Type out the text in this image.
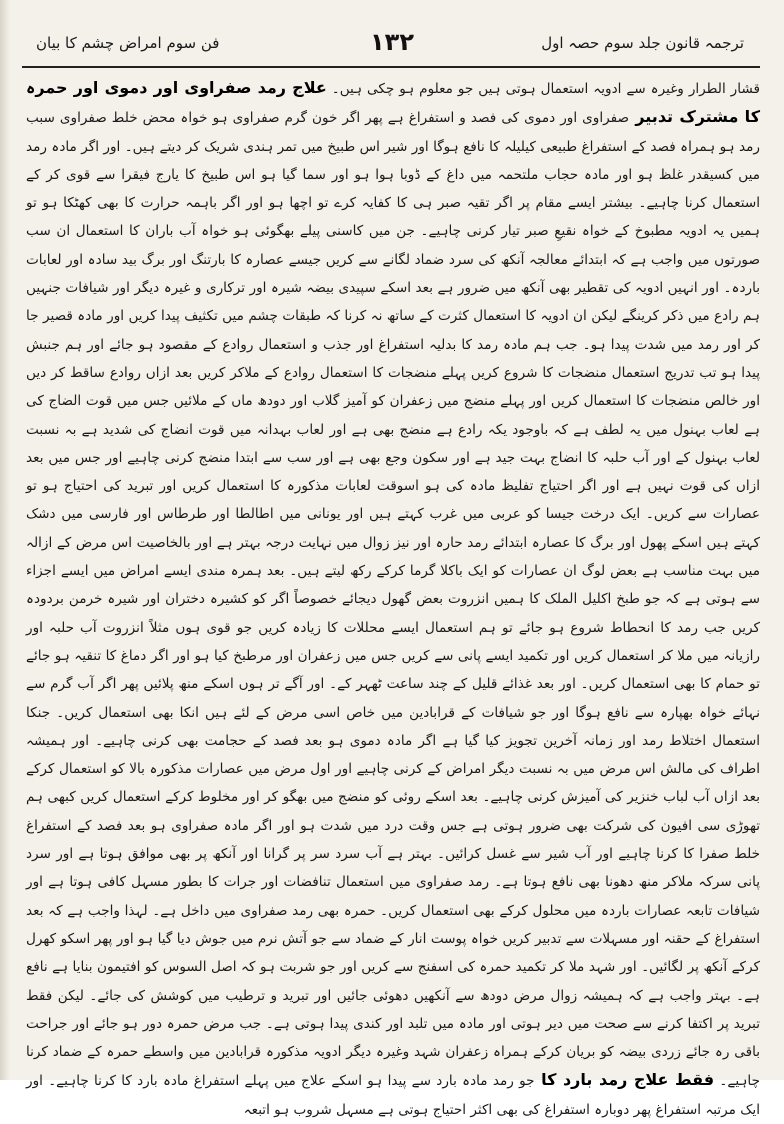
ترجمہ قانون جلد سوم حصہ اول
۱۳۲
فن سوم امراض چشم کا بیان

قشار الطرار وغیرہ سے ادویہ استعمال ہوتی ہیں جو معلوم ہو چکی ہیں۔ علاج رمد صفراوی اور دموی اور حمرہ کا مشترک تدبیر صفراوی اور دموی کی فصد و استفراغ ہے پھر اگر خون گرم صفراوی ہو خواہ محض خلط صفراوی سبب رمد ہو ہمراہ فصد کے استفراغ طبیعی کیلیلہ کا نافع ہوگا اور شیر اس طبیخ میں تمر ہندی شریک کر دیتے ہیں۔ اور اگر مادہ رمد میں کسیقدر غلظ ہو اور مادہ حجاب ملتحمہ میں داغ کے ڈوبا ہوا ہو اور سما گیا ہو اس طبیخ کا یارج فیقرا سے قوی کر کے استعمال کرنا چاہیے۔ بیشتر ایسے مقام پر اگر تقیہ صبر ہی کا کفایہ کرے تو اچھا ہو اور اگر باہمہ حرارت کا بھی کھٹکا ہو تو ہمیں یہ ادویہ مطبوخ کے خواہ نقیعِ صبر تیار کرنی چاہیے۔ جن میں کاسنی پیلے بھگوئی ہو خواہ آب باران کا استعمال ان سب صورتوں میں واجب ہے کہ ابتدائے معالجہ آنکھ کی سرد ضماد لگانے سے کریں جیسے عصارہ کا بارتنگ اور برگ بید سادہ اور لعابات باردہ۔ اور انہیں ادویہ کی تقطیر بھی آنکھ میں ضرور ہے بعد اسکے سپیدی بیضہ شیرہ اور ترکاری و غیرہ دیگر اور شیافات جنہیں ہم رادع میں ذکر کرینگے لیکن ان ادویہ کا استعمال کثرت کے ساتھ نہ کرنا کہ طبقات چشم میں تکثیف پیدا کریں اور مادہ قصیر جا کر اور رمد میں شدت پیدا ہو۔ جب ہم مادہ رمد کا بدلیہ استفراغ اور جذب و استعمال روادع کے مقصود ہو جائے اور ہم جنبش پیدا ہو تب تدریج استعمال منضجات کا شروع کریں پہلے منضجات کا استعمال روادع کے ملاکر کریں بعد ازاں روادع ساقط کر دیں اور خالص منضجات کا استعمال کریں اور پہلے منضج میں زعفران کو آمیز گلاب اور دودھ ماں کے ملائیں جس میں قوت الضاج کی ہے لعاب بہنول میں یہ لطف ہے کہ باوجود یکہ رادع ہے منضج بھی ہے اور لعاب بہدانہ میں قوت انضاج کی شدید ہے بہ نسبت لعاب بہنول کے اور آب حلبہ کا انضاج بہت جید ہے اور سکون وجع بھی ہے اور سب سے ابتدا منضج کرنی چاہیے اور جس میں بعد ازاں کی قوت نہیں ہے اور اگر احتیاج تفلیظ مادہ کی ہو اسوقت لعابات مذکورہ کا استعمال کریں اور تبرید کی احتیاج ہو تو عصارات سے کریں۔ ایک درخت جیسا کو عربی میں غرب کہتے ہیں اور یونانی میں اطالطا اور طرطاس اور فارسی میں دشک کہتے ہیں اسکے پھول اور برگ کا عصارہ ابتدائے رمد حارہ اور نیز زوال میں نہایت درجہ بہتر ہے اور بالخاصیت اس مرض کے ازالہ میں بہت مناسب ہے بعض لوگ ان عصارات کو ایک باکلا گرما کرکے رکھ لیتے ہیں۔ بعد ہمرہ مندی ایسے امراض میں ایسے اجزاء سے ہوتی ہے کہ جو طبخ اکلیل الملک کا ہمیں انزروت بعض گھول دیجائے خصوصاً اگر کو کشیرہ دختران اور شیرہ خرمن بردودہ کریں جب رمد کا انحطاط شروع ہو جائے تو ہم استعمال ایسے محللات کا زیادہ کریں جو قوی ہوں مثلاً انزروت آب حلبہ اور رازیانہ میں ملا کر استعمال کریں اور تکمید ایسے پانی سے کریں جس میں زعفران اور مرطبخ کیا ہو اور اگر دماغ کا تنقیہ ہو جائے تو حمام کا بھی استعمال کریں۔ اور بعد غذائے قلیل کے چند ساعت ٹھہر کے۔ اور آگے تر ہوں اسکے منھ پلائیں پھر اگر آب گرم سے نہائے خواہ بھپارہ سے نافع ہوگا اور جو شیافات کے قرابادین میں خاص اسی مرض کے لئے ہیں انکا بھی استعمال کریں۔ جنکا استعمال اختلاط رمد اور زمانہ آخرین تجویز کیا گیا ہے اگر مادہ دموی ہو بعد فصد کے حجامت بھی کرنی چاہیے۔ اور ہمیشہ اطراف کی مالش اس مرض میں بہ نسبت دیگر امراض کے کرنی چاہیے اور اول مرض میں عصارات مذکورہ بالا کو استعمال کرکے بعد ازاں آب لباب خنزیر کی آمیزش کرنی چاہیے۔ بعد اسکے روئی کو منضج میں بھگو کر اور مخلوط کرکے استعمال کریں کبھی ہم تھوڑی سی افیون کی شرکت بھی ضرور ہوتی ہے جس وقت درد میں شدت ہو اور اگر مادہ صفراوی ہو بعد فصد کے استفراغ خلط صفرا کا کرنا چاہیے اور آب شیر سے غسل کرائیں۔ بہتر ہے آب سرد سر پر گرانا اور آنکھ پر بھی موافق ہوتا ہے اور سرد پانی سرکہ ملاکر منھ دھونا بھی نافع ہوتا ہے۔ رمد صفراوی میں استعمال تنافضات اور جرات کا بطور مسہل کافی ہوتا ہے اور شیافات تابعہ عصارات باردہ میں محلول کرکے بھی استعمال کریں۔ حمرہ بھی رمد صفراوی میں داخل ہے۔ لہذا واجب ہے کہ بعد استفراغ کے حقنہ اور مسہلات سے تدبیر کریں خواہ پوست انار کے ضماد سے جو آتش نرم میں جوش دیا گیا ہو اور پھر اسکو کھرل کرکے آنکھ پر لگائیں۔ اور شہد ملا کر تکمید حمرہ کی اسفنج سے کریں اور جو شربت ہو کہ اصل السوس کو افتیمون بنایا ہے نافع ہے۔ بہتر واجب ہے کہ ہمیشہ زوال مرض دودھ سے آنکھیں دھوئی جائیں اور تبرید و ترطیب میں کوشش کی جائے۔ لیکن فقط تبرید پر اکتفا کرنے سے صحت میں دیر ہوتی اور مادہ میں تلبد اور کندی پیدا ہوتی ہے۔ جب مرض حمرہ دور ہو جائے اور جراحت باقی رہ جائے زردی بیضہ کو بریان کرکے ہمراہ زعفران شہد وغیرہ دیگر ادویہ مذکورہ قرابادین میں واسطے حمرہ کے ضماد کرنا چاہیے۔ فقط علاج رمد بارد کا جو رمد مادہ بارد سے پیدا ہو اسکے علاج میں پہلے استفراغ مادہ بارد کا کرنا چاہیے۔ اور ایک مرتبہ استفراغ پھر دوبارہ استفراغ کی بھی اکثر احتیاج ہوتی ہے مسہل شروب ہو اتبعہ
